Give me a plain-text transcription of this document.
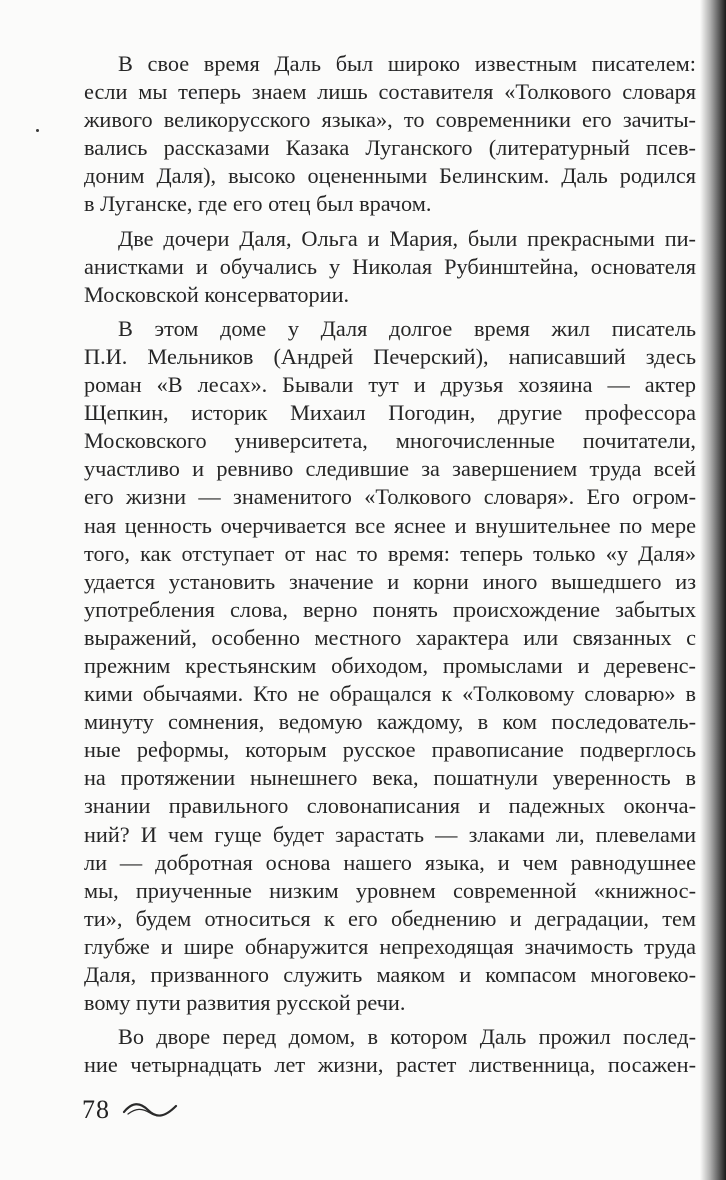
В свое время Даль был широко известным писателем:
если мы теперь знаем лишь составителя «Толкового словаря
живого великорусского языка», то современники его зачиты-
вались рассказами Казака Луганского (литературный псев-
доним Даля), высоко оцененными Белинским. Даль родился
в Луганске, где его отец был врачом.
Две дочери Даля, Ольга и Мария, были прекрасными пи-
анистками и обучались у Николая Рубинштейна, основателя
Московской консерватории.
В этом доме у Даля долгое время жил писатель
П.И. Мельников (Андрей Печерский), написавший здесь
роман «В лесах». Бывали тут и друзья хозяина — актер
Щепкин, историк Михаил Погодин, другие профессора
Московского университета, многочисленные почитатели,
участливо и ревниво следившие за завершением труда всей
его жизни — знаменитого «Толкового словаря». Его огром-
ная ценность очерчивается все яснее и внушительнее по мере
того, как отступает от нас то время: теперь только «у Даля»
удается установить значение и корни иного вышедшего из
употребления слова, верно понять происхождение забытых
выражений, особенно местного характера или связанных с
прежним крестьянским обиходом, промыслами и деревенс-
кими обычаями. Кто не обращался к «Толковому словарю» в
минуту сомнения, ведомую каждому, в ком последователь-
ные реформы, которым русское правописание подверглось
на протяжении нынешнего века, пошатнули уверенность в
знании правильного словонаписания и падежных оконча-
ний? И чем гуще будет зарастать — злаками ли, плевелами
ли — добротная основа нашего языка, и чем равнодушнее
мы, приученные низким уровнем современной «книжнос-
ти», будем относиться к его обеднению и деградации, тем
глубже и шире обнаружится непреходящая значимость труда
Даля, призванного служить маяком и компасом многовеко-
вому пути развития русской речи.
Во дворе перед домом, в котором Даль прожил послед-
ние четырнадцать лет жизни, растет лиственница, посажен-
78
